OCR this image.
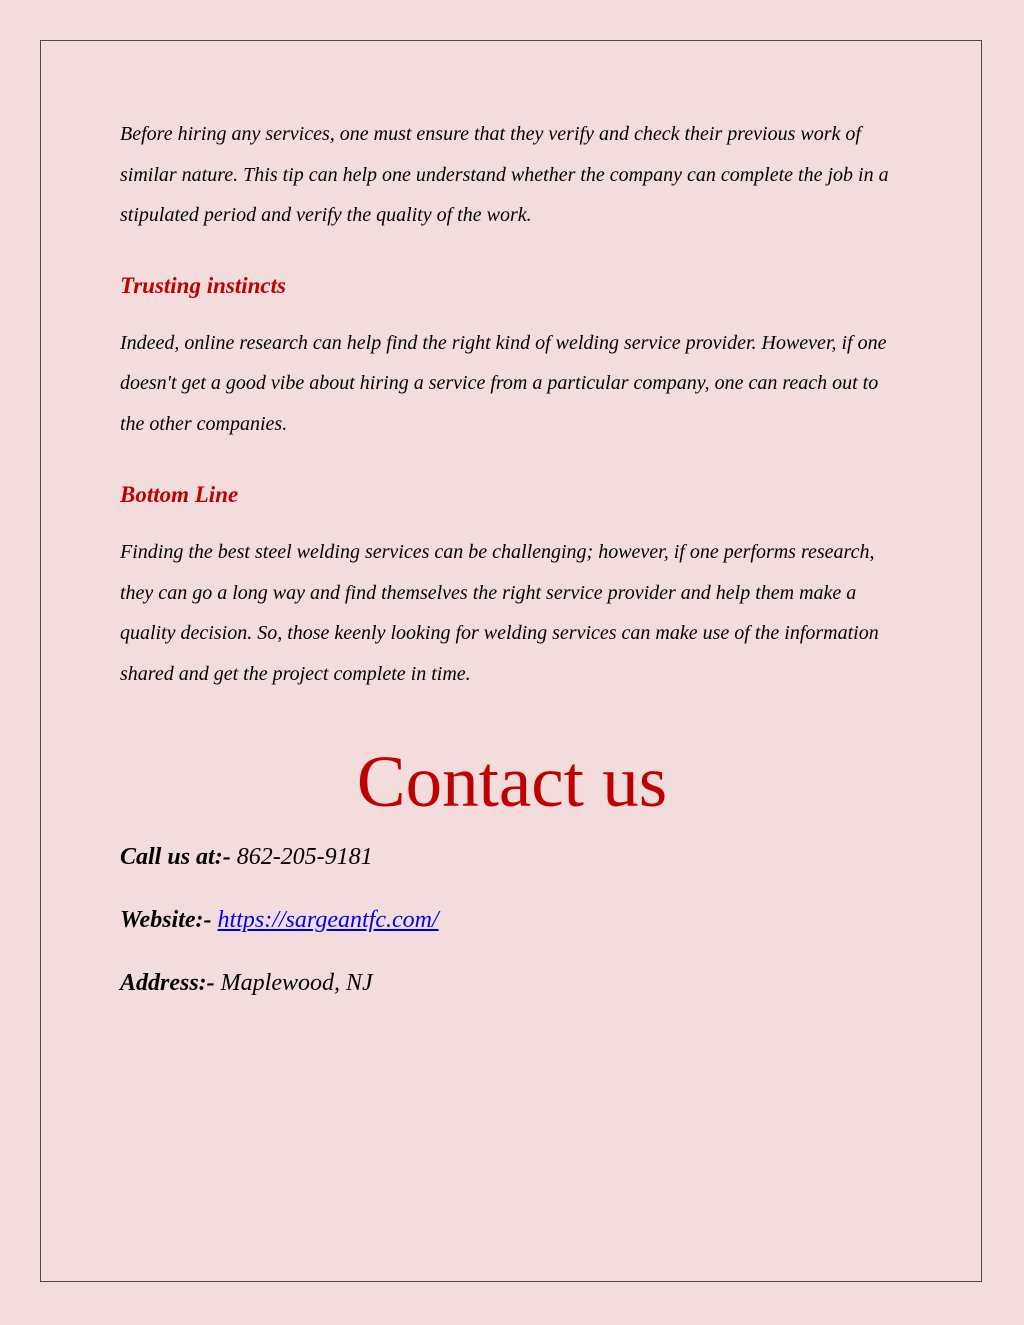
Before hiring any services, one must ensure that they verify and check their previous work of similar nature. This tip can help one understand whether the company can complete the job in a stipulated period and verify the quality of the work.

Trusting instincts

Indeed, online research can help find the right kind of welding service provider. However, if one doesn't get a good vibe about hiring a service from a particular company, one can reach out to the other companies.

Bottom Line

Finding the best steel welding services can be challenging; however, if one performs research, they can go a long way and find themselves the right service provider and help them make a quality decision. So, those keenly looking for welding services can make use of the information shared and get the project complete in time.

Contact us

Call us at:- 862-205-9181

Website:- https://sargeantfc.com/

Address:- Maplewood, NJ
